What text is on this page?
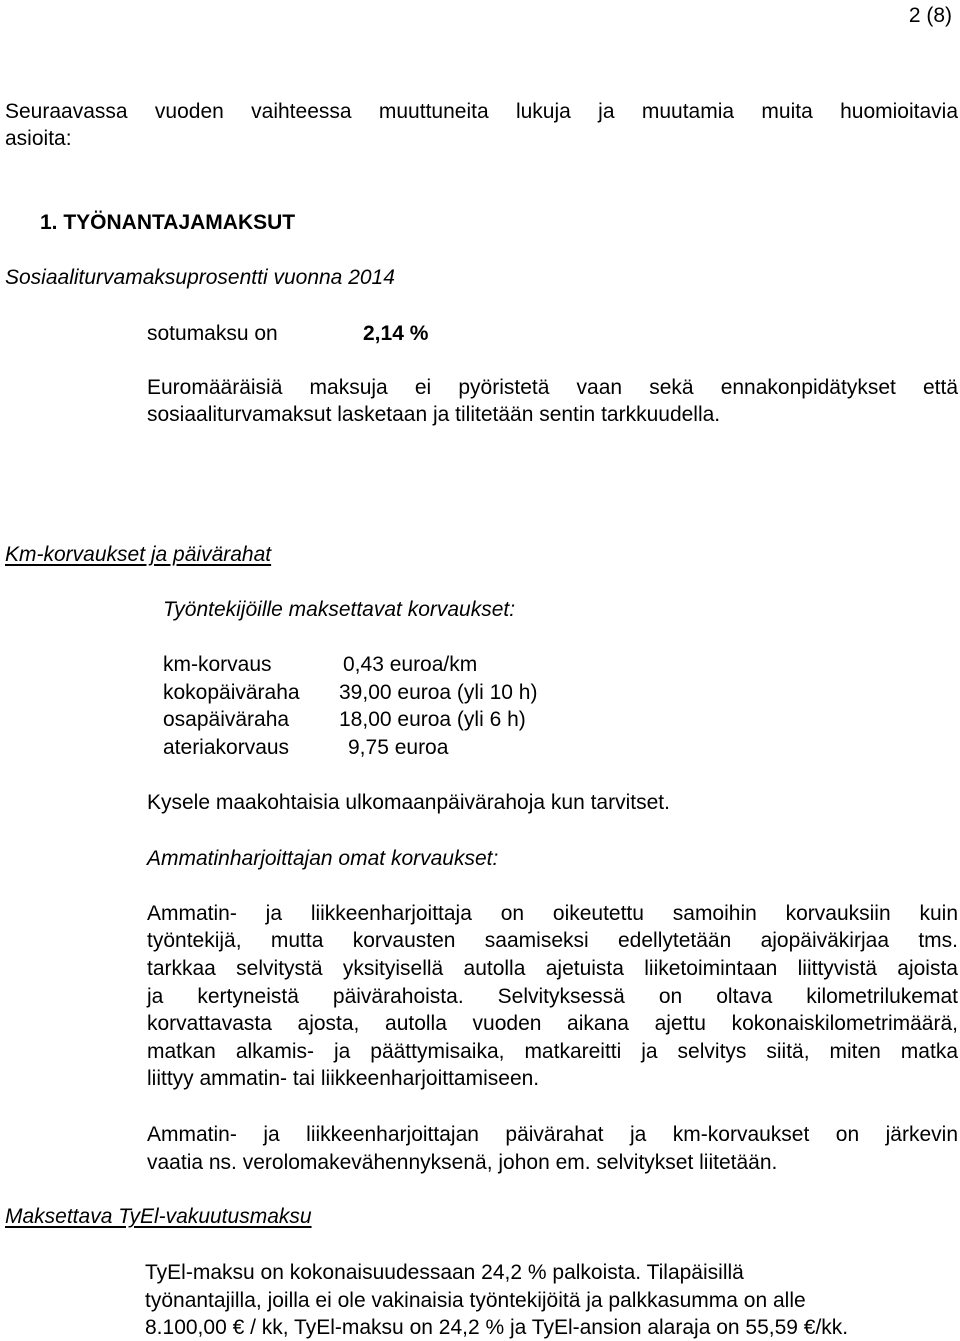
2 (8)
Seuraavassa vuoden vaihteessa muuttuneita lukuja ja muutamia muita huomioitavia
asioita:
1. TYÖNANTAJAMAKSUT
Sosiaaliturvamaksuprosentti vuonna 2014
sotumaksu on	2,14 %
Euromääräisiä maksuja ei pyöristetä vaan sekä ennakonpidätykset että
sosiaaliturvamaksut lasketaan ja tilitetään sentin tarkkuudella.
Km-korvaukset ja päivärahat
Työntekijöille maksettavat korvaukset:
km-korvaus	0,43 euroa/km
kokopäiväraha 39,00 euroa (yli 10 h)
osapäiväraha 18,00 euroa (yli 6 h)
ateriakorvaus	9,75 euroa
Kysele maakohtaisia ulkomaanpäivärahoja kun tarvitset.
Ammatinharjoittajan omat korvaukset:
Ammatin- ja liikkeenharjoittaja on oikeutettu samoihin korvauksiin kuin
työntekijä, mutta korvausten saamiseksi edellytetään ajopäiväkirjaa tms.
tarkkaa selvitystä yksityisellä autolla ajetuista liiketoimintaan liittyvistä ajoista
ja kertyneistä päivärahoista. Selvityksessä on oltava kilometrilukemat
korvattavasta ajosta, autolla vuoden aikana ajettu kokonaiskilometrimäärä,
matkan alkamis- ja päättymisaika, matkareitti ja selvitys siitä, miten matka
liittyy ammatin- tai liikkeenharjoittamiseen.
Ammatin- ja liikkeenharjoittajan päivärahat ja km-korvaukset on järkevin
vaatia ns. verolomakevähennyksenä, johon em. selvitykset liitetään.
Maksettava TyEl-vakuutusmaksu
TyEl-maksu on kokonaisuudessaan 24,2 % palkoista. Tilapäisillä
työnantajilla, joilla ei ole vakinaisia työntekijöitä ja palkkasumma on alle
8.100,00 € / kk, TyEl-maksu on 24,2 % ja TyEl-ansion alaraja on 55,59 €/kk.
